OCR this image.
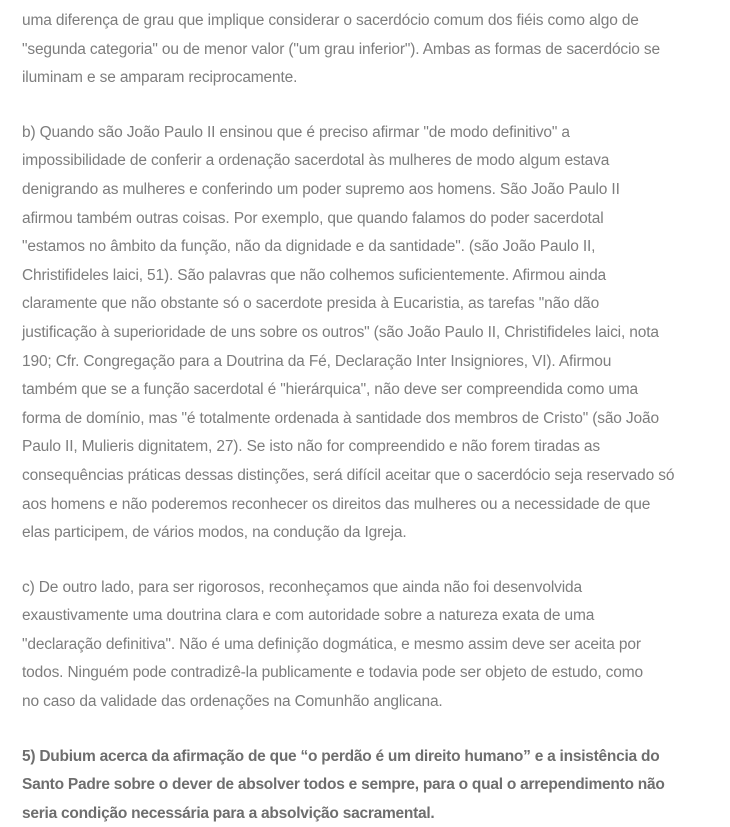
uma diferença de grau que implique considerar o sacerdócio comum dos fiéis como algo de
"segunda categoria" ou de menor valor ("um grau inferior"). Ambas as formas de sacerdócio se
iluminam e se amparam reciprocamente.
b) Quando são João Paulo II ensinou que é preciso afirmar "de modo definitivo" a
impossibilidade de conferir a ordenação sacerdotal às mulheres de modo algum estava
denigrando as mulheres e conferindo um poder supremo aos homens. São João Paulo II
afirmou também outras coisas. Por exemplo, que quando falamos do poder sacerdotal
"estamos no âmbito da função, não da dignidade e da santidade". (são João Paulo II,
Christifideles laici, 51). São palavras que não colhemos suficientemente. Afirmou ainda
claramente que não obstante só o sacerdote presida à Eucaristia, as tarefas "não dão
justificação à superioridade de uns sobre os outros" (são João Paulo II, Christifideles laici, nota
190; Cfr. Congregação para a Doutrina da Fé, Declaração Inter Insigniores, VI). Afirmou
também que se a função sacerdotal é "hierárquica", não deve ser compreendida como uma
forma de domínio, mas "é totalmente ordenada à santidade dos membros de Cristo" (são João
Paulo II, Mulieris dignitatem, 27). Se isto não for compreendido e não forem tiradas as
consequências práticas dessas distinções, será difícil aceitar que o sacerdócio seja reservado só
aos homens e não poderemos reconhecer os direitos das mulheres ou a necessidade de que
elas participem, de vários modos, na condução da Igreja.
c) De outro lado, para ser rigorosos, reconheçamos que ainda não foi desenvolvida
exaustivamente uma doutrina clara e com autoridade sobre a natureza exata de uma
"declaração definitiva". Não é uma definição dogmática, e mesmo assim deve ser aceita por
todos. Ninguém pode contradizê-la publicamente e todavia pode ser objeto de estudo, como
no caso da validade das ordenações na Comunhão anglicana.
5) Dubium acerca da afirmação de que “o perdão é um direito humano” e a insistência do
Santo Padre sobre o dever de absolver todos e sempre, para o qual o arrependimento não
seria condição necessária para a absolvição sacramental.
